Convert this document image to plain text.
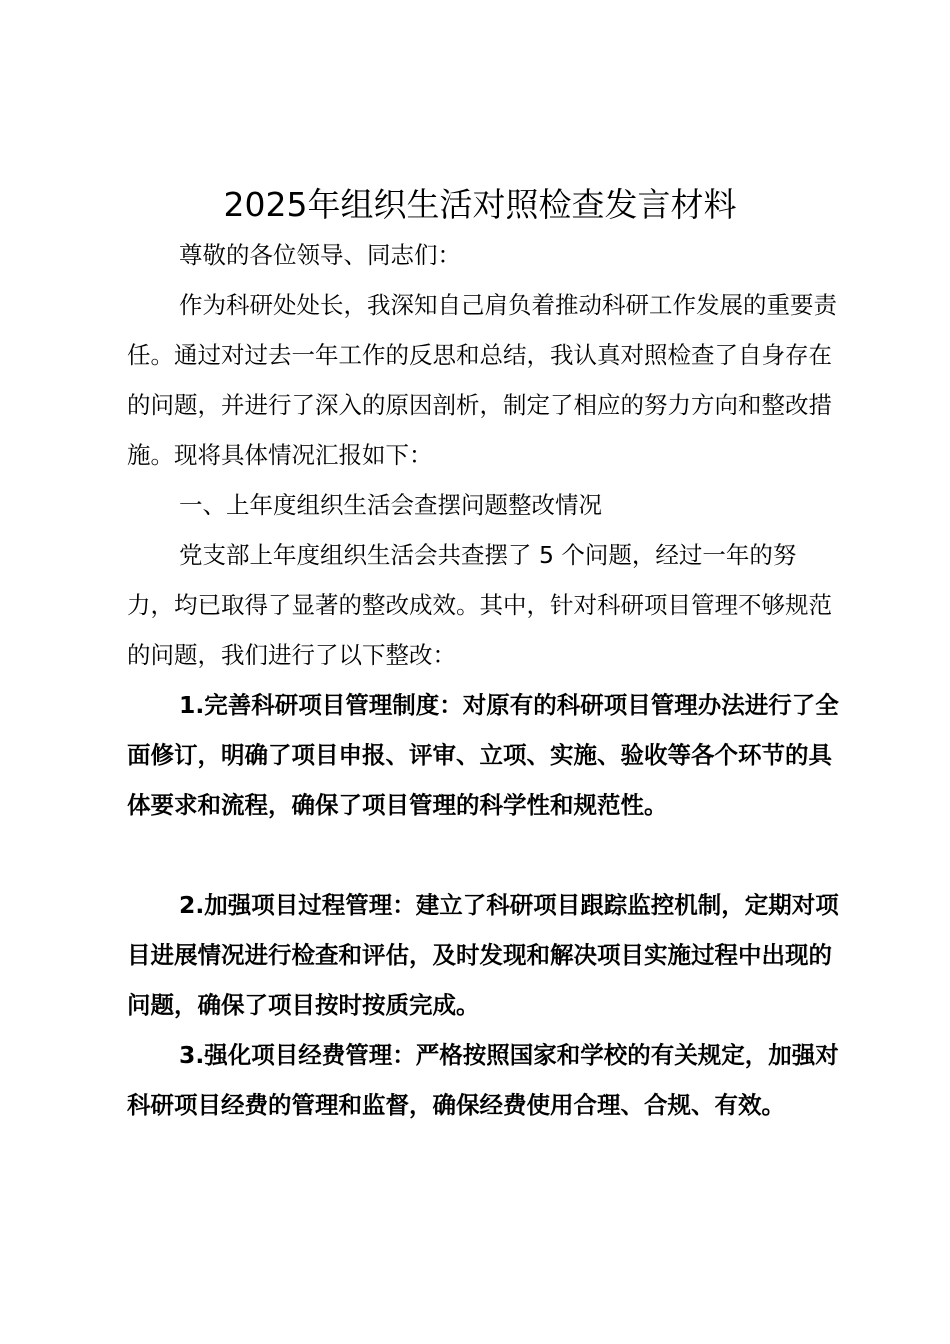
2025年组织生活对照检查发言材料

尊敬的各位领导、同志们：

作为科研处处长，我深知自己肩负着推动科研工作发展的重要责任。通过对过去一年工作的反思和总结，我认真对照检查了自身存在的问题，并进行了深入的原因剖析，制定了相应的努力方向和整改措施。现将具体情况汇报如下：

一、上年度组织生活会查摆问题整改情况

党支部上年度组织生活会共查摆了 5 个问题，经过一年的努力，均已取得了显著的整改成效。其中，针对科研项目管理不够规范的问题，我们进行了以下整改：

1.完善科研项目管理制度：对原有的科研项目管理办法进行了全面修订，明确了项目申报、评审、立项、实施、验收等各个环节的具体要求和流程，确保了项目管理的科学性和规范性。

2.加强项目过程管理：建立了科研项目跟踪监控机制，定期对项目进展情况进行检查和评估，及时发现和解决项目实施过程中出现的问题，确保了项目按时按质完成。

3.强化项目经费管理：严格按照国家和学校的有关规定，加强对科研项目经费的管理和监督，确保经费使用合理、合规、有效。
